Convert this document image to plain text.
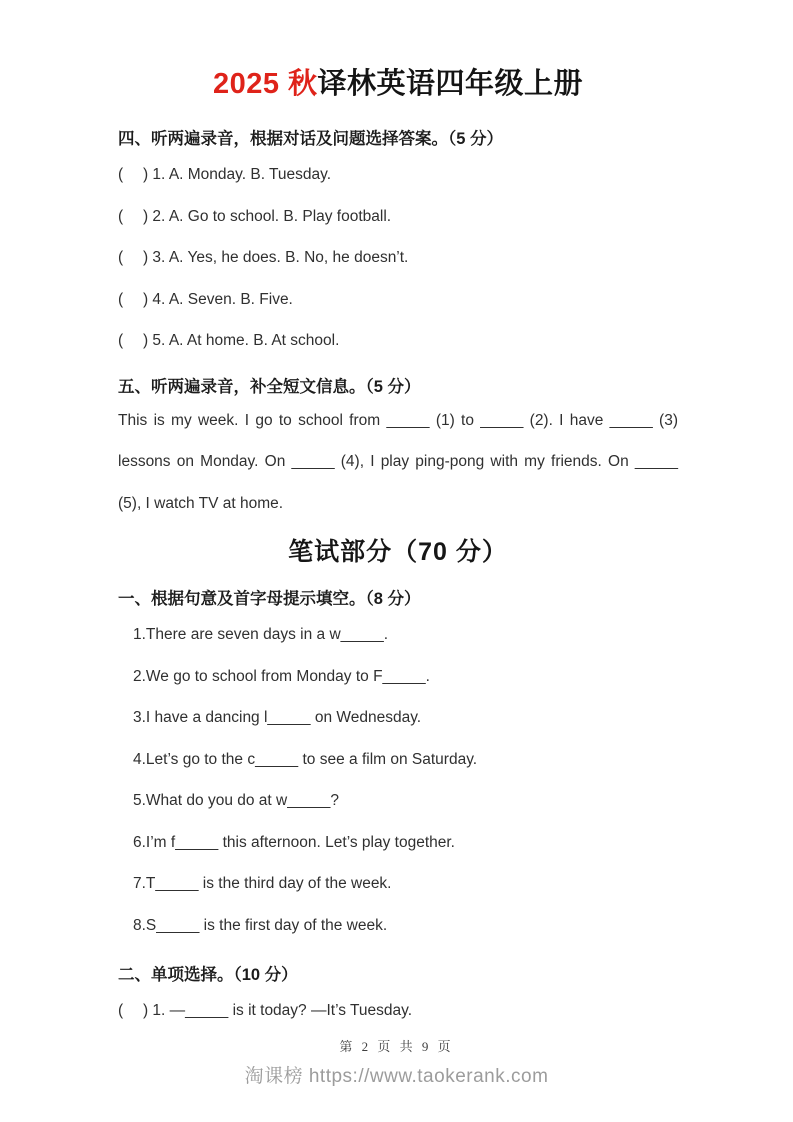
2025 秋译林英语四年级上册
四、听两遍录音，根据对话及问题选择答案。（5 分）
(　 ) 1. A. Monday. B. Tuesday.
(　 ) 2. A. Go to school. B. Play football.
(　 ) 3. A. Yes, he does. B. No, he doesn’t.
(　 ) 4. A. Seven. B. Five.
(　 ) 5. A. At home. B. At school.
五、听两遍录音，补全短文信息。（5 分）

This is my week. I go to school from _____ (1) to _____ (2). I have _____ (3) lessons on Monday. On _____ (4), I play ping-pong with my friends. On _____ (5), I watch TV at home.

笔试部分（70 分）
一、根据句意及首字母提示填空。（8 分）
1.There are seven days in a w_____.
2.We go to school from Monday to F_____.
3.I have a dancing l_____ on Wednesday.
4.Let’s go to the c_____ to see a film on Saturday.
5.What do you do at w_____?
6.I’m f_____ this afternoon. Let’s play together.
7.T_____ is the third day of the week.
8.S_____ is the first day of the week.
二、单项选择。（10 分）
(　 ) 1. —_____ is it today? —It’s Tuesday.
第 2 页 共 9 页
淘课榜 https://www.taokerank.com
